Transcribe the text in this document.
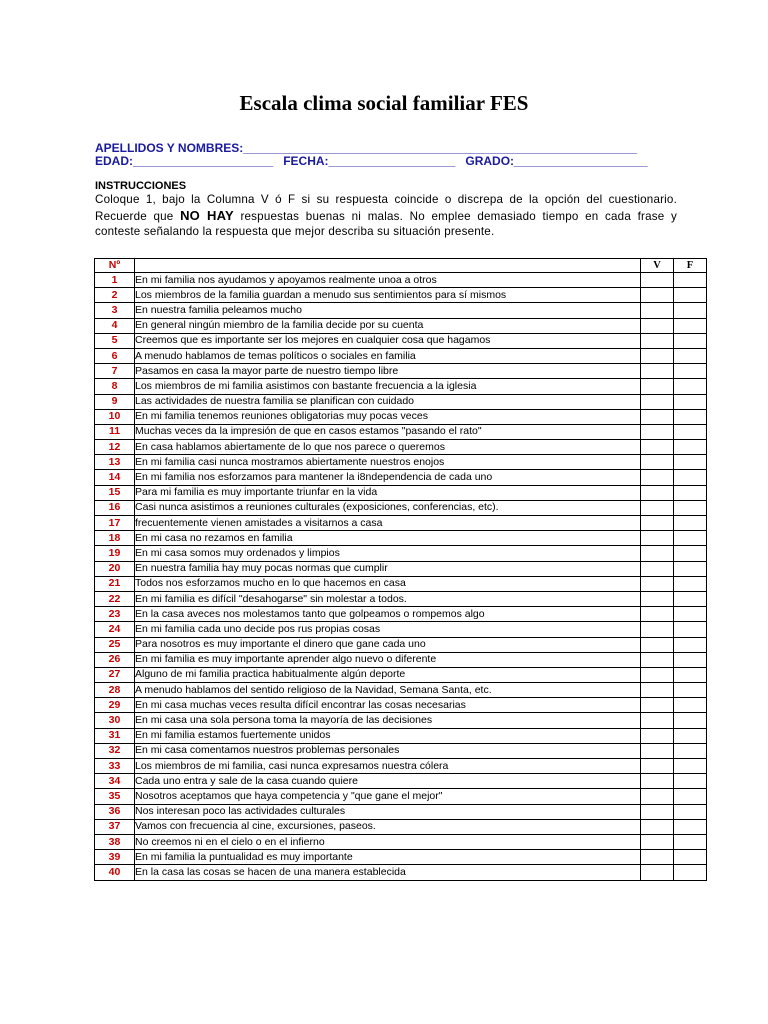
Escala clima social familiar FES
APELLIDOS Y NOMBRES:___________________________________________________________
EDAD:_____________________ FECHA:___________________ GRADO:____________________
INSTRUCCIONES
Coloque 1, bajo la Columna V ó F si su respuesta coincide o discrepa de la opción del cuestionario. Recuerde que NO HAY respuestas buenas ni malas. No emplee demasiado tiempo en cada frase y conteste señalando la respuesta que mejor describa su situación presente.
Nº		V	F
1	En mi familia nos ayudamos y apoyamos realmente unoa a otros		
2	Los miembros de la familia guardan a menudo sus sentimientos para sí mismos		
3	En nuestra familia peleamos mucho		
4	En general ningún miembro de la familia decide por su cuenta		
5	Creemos que es importante ser los mejores en cualquier cosa que hagamos		
6	A menudo hablamos de temas políticos o sociales en familia		
7	Pasamos en casa la mayor parte de nuestro tiempo libre		
8	Los miembros de mi familia asistimos con bastante frecuencia a la iglesia		
9	Las actividades de nuestra familia se planifican con cuidado		
10	En mi familia tenemos reuniones obligatorias muy pocas veces		
11	Muchas veces da la impresión de que en casos estamos "pasando el rato"		
12	En casa hablamos abiertamente de lo que nos parece o queremos		
13	En mi familia casi nunca mostramos abiertamente nuestros enojos		
14	En mi familia nos esforzamos para mantener la i8ndependencia de cada uno		
15	Para mi familia es muy importante triunfar en la vida		
16	Casi nunca asistimos a reuniones culturales (exposiciones, conferencias, etc).		
17	frecuentemente vienen amistades a visitarnos a casa		
18	En mi casa no rezamos en familia		
19	En mi casa somos muy ordenados y limpios		
20	En nuestra familia hay muy pocas normas que cumplir		
21	Todos nos esforzamos mucho en lo que hacemos en casa		
22	En mi familia es difícil "desahogarse" sin molestar a todos.		
23	En la casa aveces nos molestamos tanto que golpeamos o rompemos algo		
24	En mi familia cada uno decide pos rus propias cosas		
25	Para nosotros es muy importante el dinero que gane cada uno		
26	En mi familia es muy importante aprender algo nuevo o diferente		
27	Alguno de mi familia practica habitualmente algún deporte		
28	A menudo hablamos del sentido religioso de la Navidad, Semana Santa, etc.		
29	En mi casa muchas veces resulta difícil encontrar las cosas necesarias		
30	En mi casa una sola persona toma la mayoría de las decisiones		
31	En mi familia estamos fuertemente unidos		
32	En mi casa comentamos nuestros problemas personales		
33	Los miembros de mi familia, casi nunca expresamos nuestra cólera		
34	Cada uno entra y sale de la casa cuando quiere		
35	Nosotros aceptamos que haya competencia y "que gane el mejor"		
36	Nos interesan poco las actividades culturales		
37	Vamos con frecuencia al cine, excursiones, paseos.		
38	No creemos ni en el cielo o en el infierno		
39	En mi familia la puntualidad es muy importante		
40	En la casa las cosas se hacen de una manera establecida		
